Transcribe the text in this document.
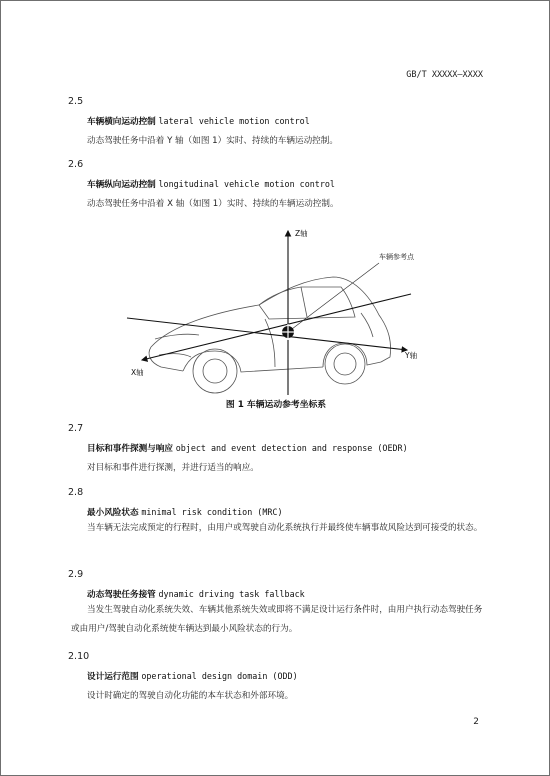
GB/T XXXXX—XXXX
2.5
车辆横向运动控制 lateral vehicle motion control
动态驾驶任务中沿着 Y 轴（如图 1）实时、持续的车辆运动控制。
2.6
车辆纵向运动控制 longitudinal vehicle motion control
动态驾驶任务中沿着 X 轴（如图 1）实时、持续的车辆运动控制。
Z轴
Y轴
X轴
车辆参考点
图 1 车辆运动参考坐标系
2.7
目标和事件探测与响应 object and event detection and response (OEDR)
对目标和事件进行探测，并进行适当的响应。
2.8
最小风险状态 minimal risk condition (MRC)
当车辆无法完成预定的行程时，由用户或驾驶自动化系统执行并最终使车辆事故风险达到可接受的状态。
2.9
动态驾驶任务接管 dynamic driving task fallback
当发生驾驶自动化系统失效、车辆其他系统失效或即将不满足设计运行条件时，由用户执行动态驾驶任务或由用户/驾驶自动化系统使车辆达到最小风险状态的行为。
2.10
设计运行范围 operational design domain (ODD)
设计时确定的驾驶自动化功能的本车状态和外部环境。
2
